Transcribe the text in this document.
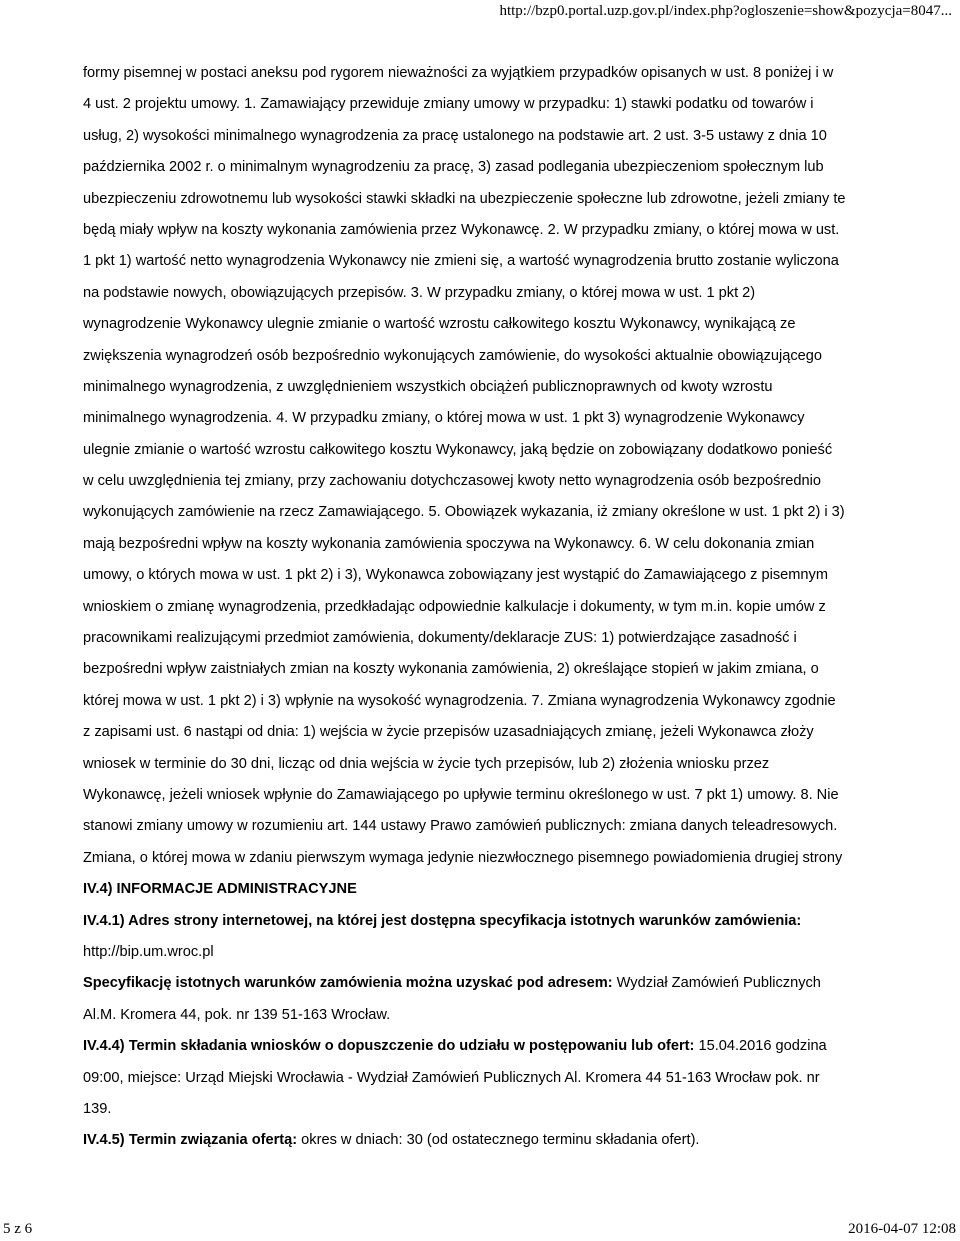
http://bzp0.portal.uzp.gov.pl/index.php?ogloszenie=show&pozycja=8047...
formy pisemnej w postaci aneksu pod rygorem nieważności za wyjątkiem przypadków opisanych w ust. 8 poniżej i w
4 ust. 2 projektu umowy. 1. Zamawiający przewiduje zmiany umowy w przypadku: 1) stawki podatku od towarów i
usług, 2) wysokości minimalnego wynagrodzenia za pracę ustalonego na podstawie art. 2 ust. 3-5 ustawy z dnia 10
października 2002 r. o minimalnym wynagrodzeniu za pracę, 3) zasad podlegania ubezpieczeniom społecznym lub
ubezpieczeniu zdrowotnemu lub wysokości stawki składki na ubezpieczenie społeczne lub zdrowotne, jeżeli zmiany te
będą miały wpływ na koszty wykonania zamówienia przez Wykonawcę. 2. W przypadku zmiany, o której mowa w ust.
1 pkt 1) wartość netto wynagrodzenia Wykonawcy nie zmieni się, a wartość wynagrodzenia brutto zostanie wyliczona
na podstawie nowych, obowiązujących przepisów. 3. W przypadku zmiany, o której mowa w ust. 1 pkt 2)
wynagrodzenie Wykonawcy ulegnie zmianie o wartość wzrostu całkowitego kosztu Wykonawcy, wynikającą ze
zwiększenia wynagrodzeń osób bezpośrednio wykonujących zamówienie, do wysokości aktualnie obowiązującego
minimalnego wynagrodzenia, z uwzględnieniem wszystkich obciążeń publicznoprawnych od kwoty wzrostu
minimalnego wynagrodzenia. 4. W przypadku zmiany, o której mowa w ust. 1 pkt 3) wynagrodzenie Wykonawcy
ulegnie zmianie o wartość wzrostu całkowitego kosztu Wykonawcy, jaką będzie on zobowiązany dodatkowo ponieść
w celu uwzględnienia tej zmiany, przy zachowaniu dotychczasowej kwoty netto wynagrodzenia osób bezpośrednio
wykonujących zamówienie na rzecz Zamawiającego. 5. Obowiązek wykazania, iż zmiany określone w ust. 1 pkt 2) i 3)
mają bezpośredni wpływ na koszty wykonania zamówienia spoczywa na Wykonawcy. 6. W celu dokonania zmian
umowy, o których mowa w ust. 1 pkt 2) i 3), Wykonawca zobowiązany jest wystąpić do Zamawiającego z pisemnym
wnioskiem o zmianę wynagrodzenia, przedkładając odpowiednie kalkulacje i dokumenty, w tym m.in. kopie umów z
pracownikami realizującymi przedmiot zamówienia, dokumenty/deklaracje ZUS: 1) potwierdzające zasadność i
bezpośredni wpływ zaistniałych zmian na koszty wykonania zamówienia, 2) określające stopień w jakim zmiana, o
której mowa w ust. 1 pkt 2) i 3) wpłynie na wysokość wynagrodzenia. 7. Zmiana wynagrodzenia Wykonawcy zgodnie
z zapisami ust. 6 nastąpi od dnia: 1) wejścia w życie przepisów uzasadniających zmianę, jeżeli Wykonawca złoży
wniosek w terminie do 30 dni, licząc od dnia wejścia w życie tych przepisów, lub 2) złożenia wniosku przez
Wykonawcę, jeżeli wniosek wpłynie do Zamawiającego po upływie terminu określonego w ust. 7 pkt 1) umowy. 8. Nie
stanowi zmiany umowy w rozumieniu art. 144 ustawy Prawo zamówień publicznych: zmiana danych teleadresowych.
Zmiana, o której mowa w zdaniu pierwszym wymaga jedynie niezwłocznego pisemnego powiadomienia drugiej strony
IV.4) INFORMACJE ADMINISTRACYJNE
IV.4.1) Adres strony internetowej, na której jest dostępna specyfikacja istotnych warunków zamówienia:
http://bip.um.wroc.pl
Specyfikację istotnych warunków zamówienia można uzyskać pod adresem: Wydział Zamówień Publicznych
Al.M. Kromera 44, pok. nr 139 51-163 Wrocław.
IV.4.4) Termin składania wniosków o dopuszczenie do udziału w postępowaniu lub ofert: 15.04.2016 godzina
09:00, miejsce: Urząd Miejski Wrocławia - Wydział Zamówień Publicznych Al. Kromera 44 51-163 Wrocław pok. nr
139.
IV.4.5) Termin związania ofertą: okres w dniach: 30 (od ostatecznego terminu składania ofert).
5 z 6	2016-04-07 12:08
